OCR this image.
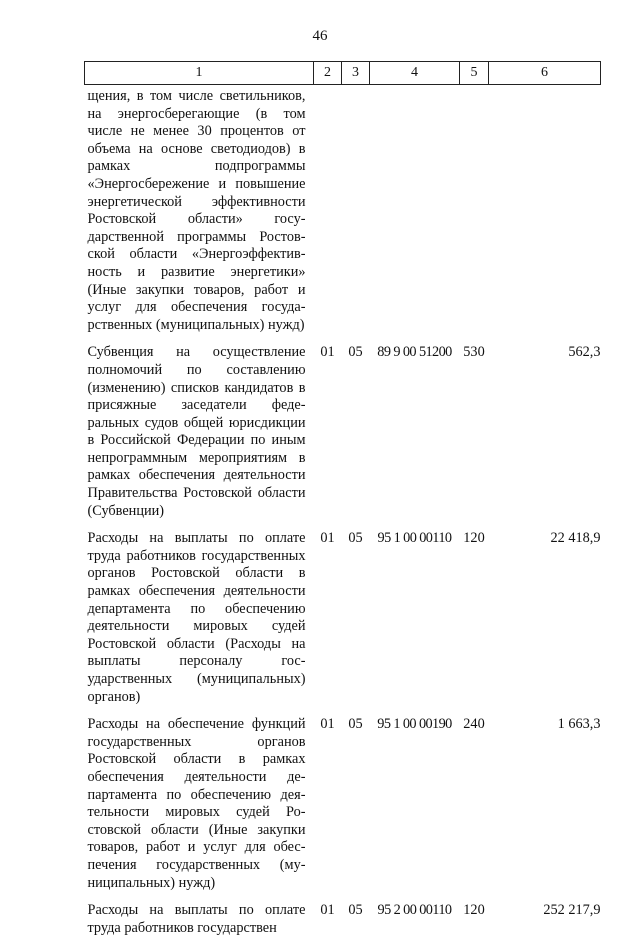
46
1	2	3	4	5	6
щения, в том числе светильников, на энергосберегающие (в том числе не менее 30 процентов от объема на основе светодиодов) в рамках подпрограммы «Энергосбережение и повышение энергетической эффективности Ростовской области» государственной программы Ростовской области «Энергоэффективность и развитие энергетики» (Иные закупки товаров, работ и услуг для обеспечения государственных (муниципальных) нужд)					
Субвенция на осуществление полномочий по составлению (изменению) списков кандидатов в присяжные заседатели федеральных судов общей юрисдикции в Российской Федерации по иным непрограммным мероприятиям в рамках обеспечения деятельности Правительства Ростовской области (Субвенции)	01	05	89 9 00 51200	530	562,3
Расходы на выплаты по оплате труда работников государственных органов Ростовской области в рамках обеспечения деятельности департамента по обеспечению деятельности мировых судей Ростовской области (Расходы на выплаты персоналу государственных (муниципальных) органов)	01	05	95 1 00 00110	120	22 418,9
Расходы на обеспечение функций государственных органов Ростовской области в рамках обеспечения деятельности департамента по обеспечению деятельности мировых судей Ростовской области (Иные закупки товаров, работ и услуг для обеспечения государственных (муниципальных) нужд)	01	05	95 1 00 00190	240	1 663,3
Расходы на выплаты по оплате труда работников государствен	01	05	95 2 00 00110	120	252 217,9
